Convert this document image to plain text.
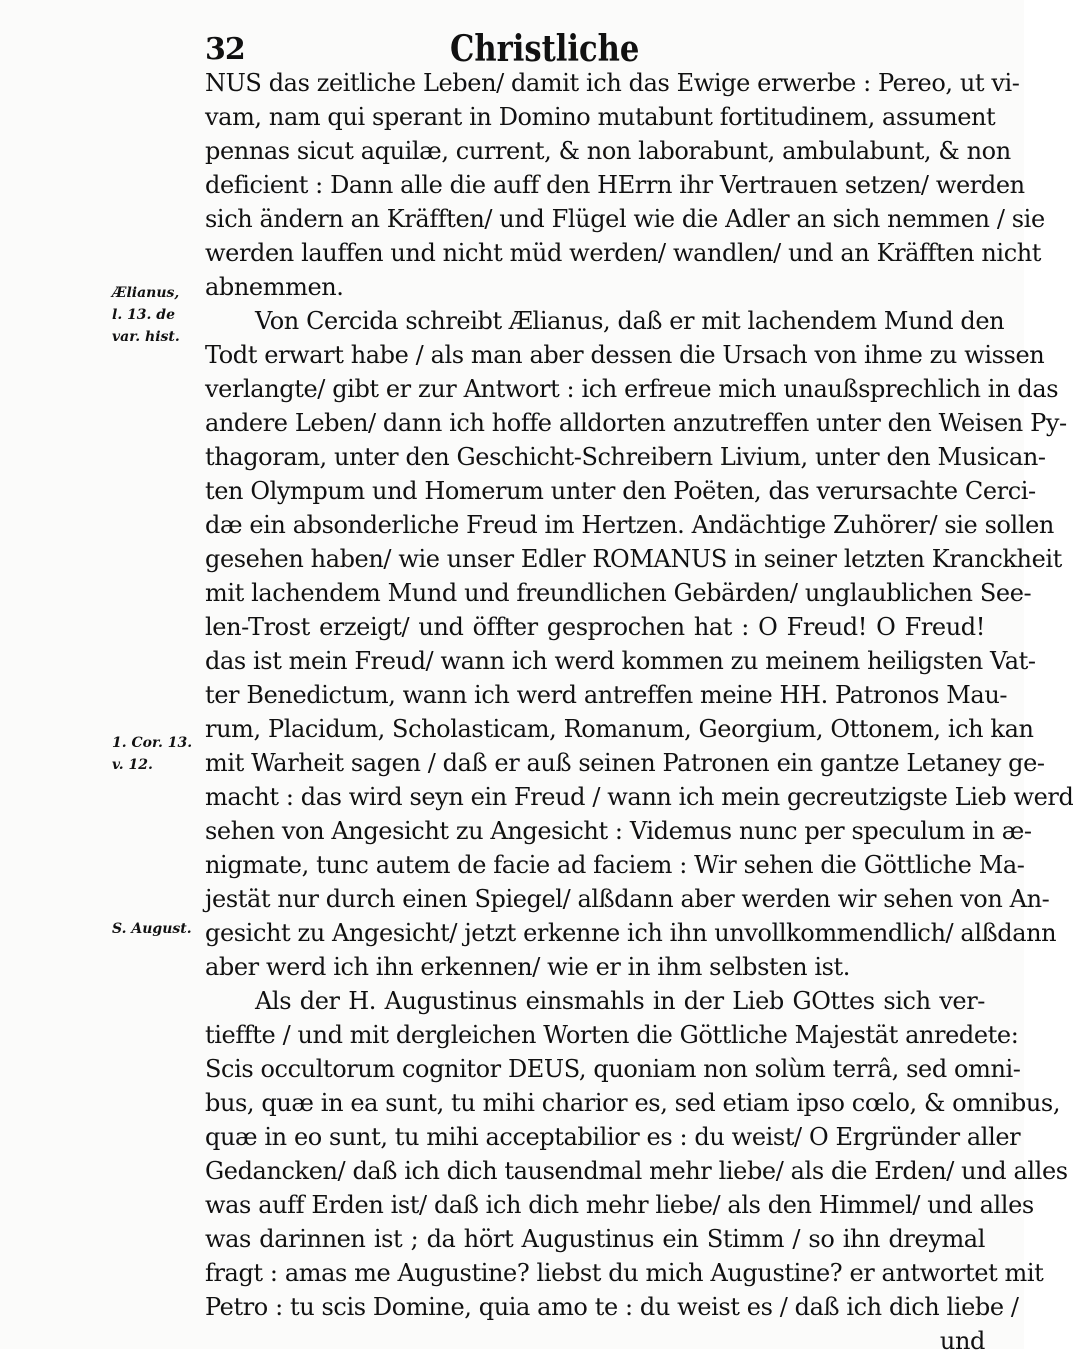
32	Christliche
Ælianus,
l. 13. de
var. hist.
1. Cor. 13.
v. 12.
S. August.
NUS das zeitliche Leben/ damit ich das Ewige erwerbe : Pereo, ut vi-
vam, nam qui sperant in Domino mutabunt fortitudinem, assument
pennas sicut aquilæ, current, & non laborabunt, ambulabunt, & non
deficient : Dann alle die auff den HErrn ihr Vertrauen setzen/ werden
sich ändern an Kräfften/ und Flügel wie die Adler an sich nemmen / sie
werden lauffen und nicht müd werden/ wandlen/ und an Kräfften nicht
abnemmen.
Von Cercida schreibt Ælianus, daß er mit lachendem Mund den
Todt erwart habe / als man aber dessen die Ursach von ihme zu wissen
verlangte/ gibt er zur Antwort : ich erfreue mich unaußsprechlich in das
andere Leben/ dann ich hoffe alldorten anzutreffen unter den Weisen Py-
thagoram, unter den Geschicht-Schreibern Livium, unter den Musican-
ten Olympum und Homerum unter den Poëten, das verursachte Cerci-
dæ ein absonderliche Freud im Hertzen. Andächtige Zuhörer/ sie sollen
gesehen haben/ wie unser Edler ROMANUS in seiner letzten Kranckheit
mit lachendem Mund und freundlichen Gebärden/ unglaublichen See-
len-Trost erzeigt/ und öffter gesprochen hat : O Freud! O Freud!
das ist mein Freud/ wann ich werd kommen zu meinem heiligsten Vat-
ter Benedictum, wann ich werd antreffen meine HH. Patronos Mau-
rum, Placidum, Scholasticam, Romanum, Georgium, Ottonem, ich kan
mit Warheit sagen / daß er auß seinen Patronen ein gantze Letaney ge-
macht : das wird seyn ein Freud / wann ich mein gecreutzigste Lieb werd
sehen von Angesicht zu Angesicht : Videmus nunc per speculum in æ-
nigmate, tunc autem de facie ad faciem : Wir sehen die Göttliche Ma-
jestät nur durch einen Spiegel/ alßdann aber werden wir sehen von An-
gesicht zu Angesicht/ jetzt erkenne ich ihn unvollkommendlich/ alßdann
aber werd ich ihn erkennen/ wie er in ihm selbsten ist.
Als der H. Augustinus einsmahls in der Lieb GOttes sich ver-
tieffte / und mit dergleichen Worten die Göttliche Majestät anredete:
Scis occultorum cognitor DEUS, quoniam non solùm terrâ, sed omni-
bus, quæ in ea sunt, tu mihi charior es, sed etiam ipso cœlo, & omnibus,
quæ in eo sunt, tu mihi acceptabilior es : du weist/ O Ergründer aller
Gedancken/ daß ich dich tausendmal mehr liebe/ als die Erden/ und alles
was auff Erden ist/ daß ich dich mehr liebe/ als den Himmel/ und alles
was darinnen ist ; da hört Augustinus ein Stimm / so ihn dreymal
fragt : amas me Augustine? liebst du mich Augustine? er antwortet mit
Petro : tu scis Domine, quia amo te : du weist es / daß ich dich liebe /
und
